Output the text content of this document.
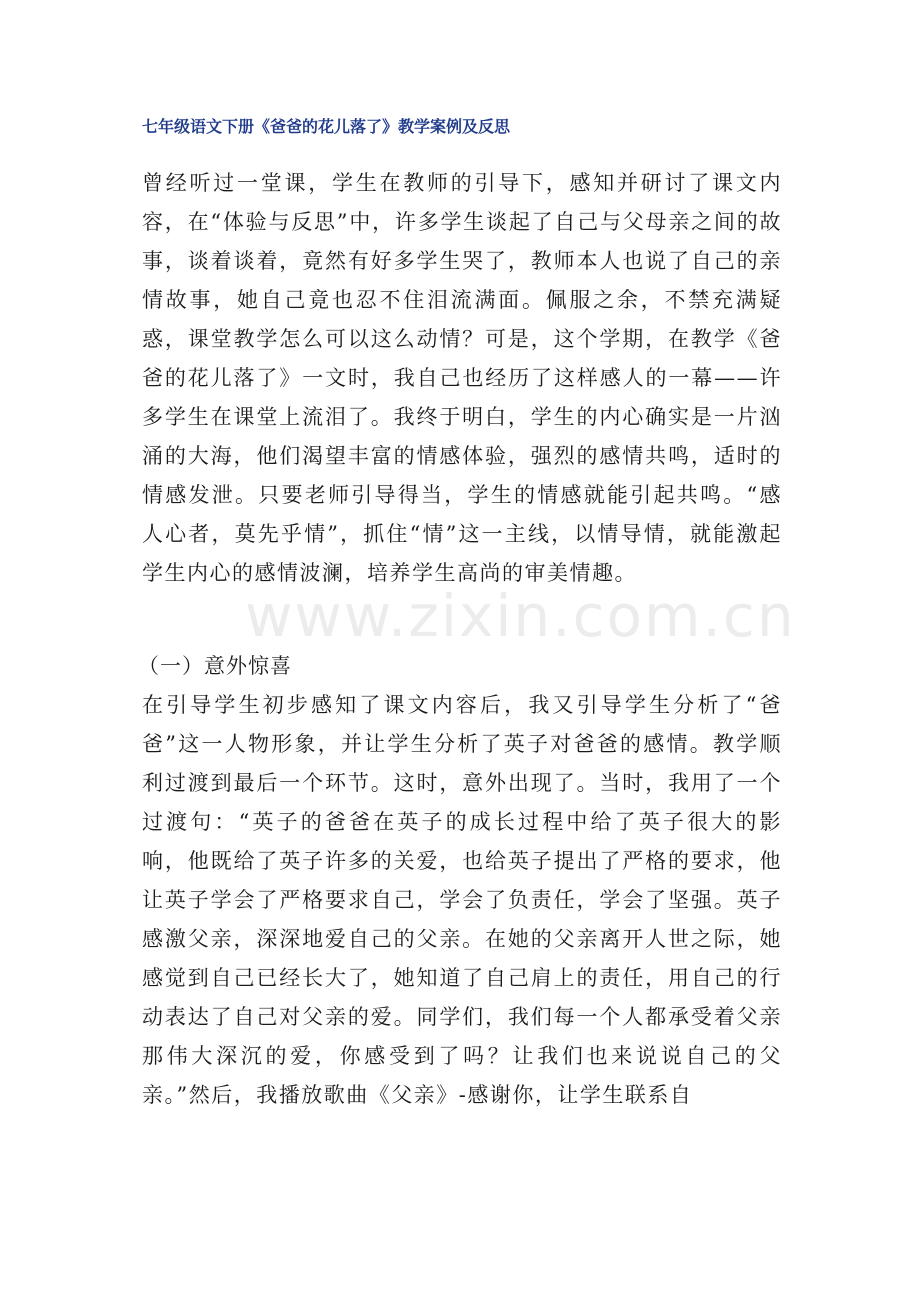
七年级语文下册《爸爸的花儿落了》教学案例及反思

曾经听过一堂课，学生在教师的引导下，感知并研讨了课文内容，在“体验与反思”中，许多学生谈起了自己与父母亲之间的故事，谈着谈着，竟然有好多学生哭了，教师本人也说了自己的亲情故事，她自己竟也忍不住泪流满面。佩服之余，不禁充满疑惑，课堂教学怎么可以这么动情？可是，这个学期，在教学《爸爸的花儿落了》一文时，我自己也经历了这样感人的一幕——许多学生在课堂上流泪了。我终于明白，学生的内心确实是一片汹涌的大海，他们渴望丰富的情感体验，强烈的感情共鸣，适时的情感发泄。只要老师引导得当，学生的情感就能引起共鸣。“感人心者，莫先乎情”，抓住“情”这一主线，以情导情，就能激起学生内心的感情波澜，培养学生高尚的审美情趣。

www.zixin.com.cn
（一）意外惊喜

在引导学生初步感知了课文内容后，我又引导学生分析了“爸爸”这一人物形象，并让学生分析了英子对爸爸的感情。教学顺利过渡到最后一个环节。这时，意外出现了。当时，我用了一个过渡句：“英子的爸爸在英子的成长过程中给了英子很大的影响，他既给了英子许多的关爱，也给英子提出了严格的要求，他让英子学会了严格要求自己，学会了负责任，学会了坚强。英子感激父亲，深深地爱自己的父亲。在她的父亲离开人世之际，她感觉到自己已经长大了，她知道了自己肩上的责任，用自己的行动表达了自己对父亲的爱。同学们，我们每一个人都承受着父亲那伟大深沉的爱，你感受到了吗？让我们也来说说自己的父亲。”然后，我播放歌曲《父亲》-感谢你，让学生联系自
